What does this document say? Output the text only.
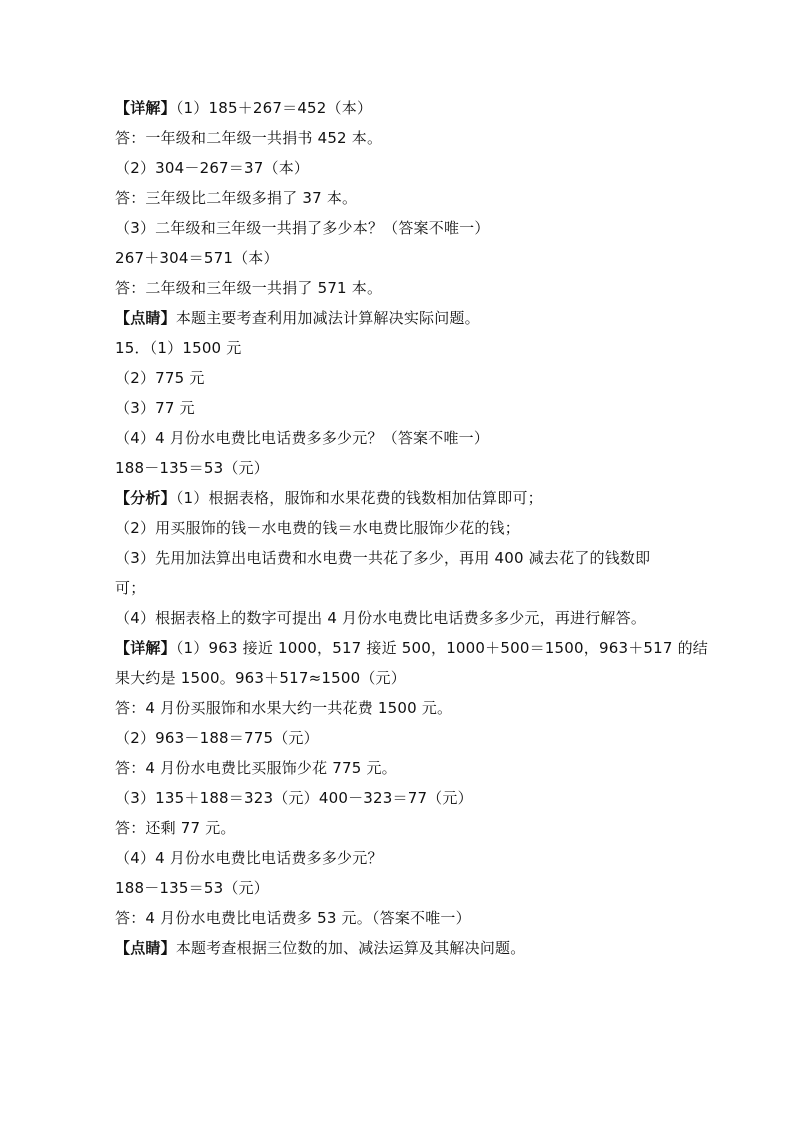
【详解】（1）185＋267＝452（本）
答：一年级和二年级一共捐书 452 本。
（2）304－267＝37（本）
答：三年级比二年级多捐了 37 本。
（3）二年级和三年级一共捐了多少本？（答案不唯一）
267＋304＝571（本）
答：二年级和三年级一共捐了 571 本。
【点睛】本题主要考查利用加减法计算解决实际问题。
15．（1）1500 元
（2）775 元
（3）77 元
（4）4 月份水电费比电话费多多少元？（答案不唯一）
188－135＝53（元）
【分析】（1）根据表格，服饰和水果花费的钱数相加估算即可；
（2）用买服饰的钱－水电费的钱＝水电费比服饰少花的钱；
（3）先用加法算出电话费和水电费一共花了多少，再用 400 减去花了的钱数即
可；
（4）根据表格上的数字可提出 4 月份水电费比电话费多多少元，再进行解答。
【详解】（1）963 接近 1000，517 接近 500，1000＋500＝1500，963＋517 的结
果大约是 1500。963＋517≈1500（元）
答：4 月份买服饰和水果大约一共花费 1500 元。
（2）963－188＝775（元）
答：4 月份水电费比买服饰少花 775 元。
（3）135＋188＝323（元）400－323＝77（元）
答：还剩 77 元。
（4）4 月份水电费比电话费多多少元？
188－135＝53（元）
答：4 月份水电费比电话费多 53 元。（答案不唯一）
【点睛】本题考查根据三位数的加、减法运算及其解决问题。
